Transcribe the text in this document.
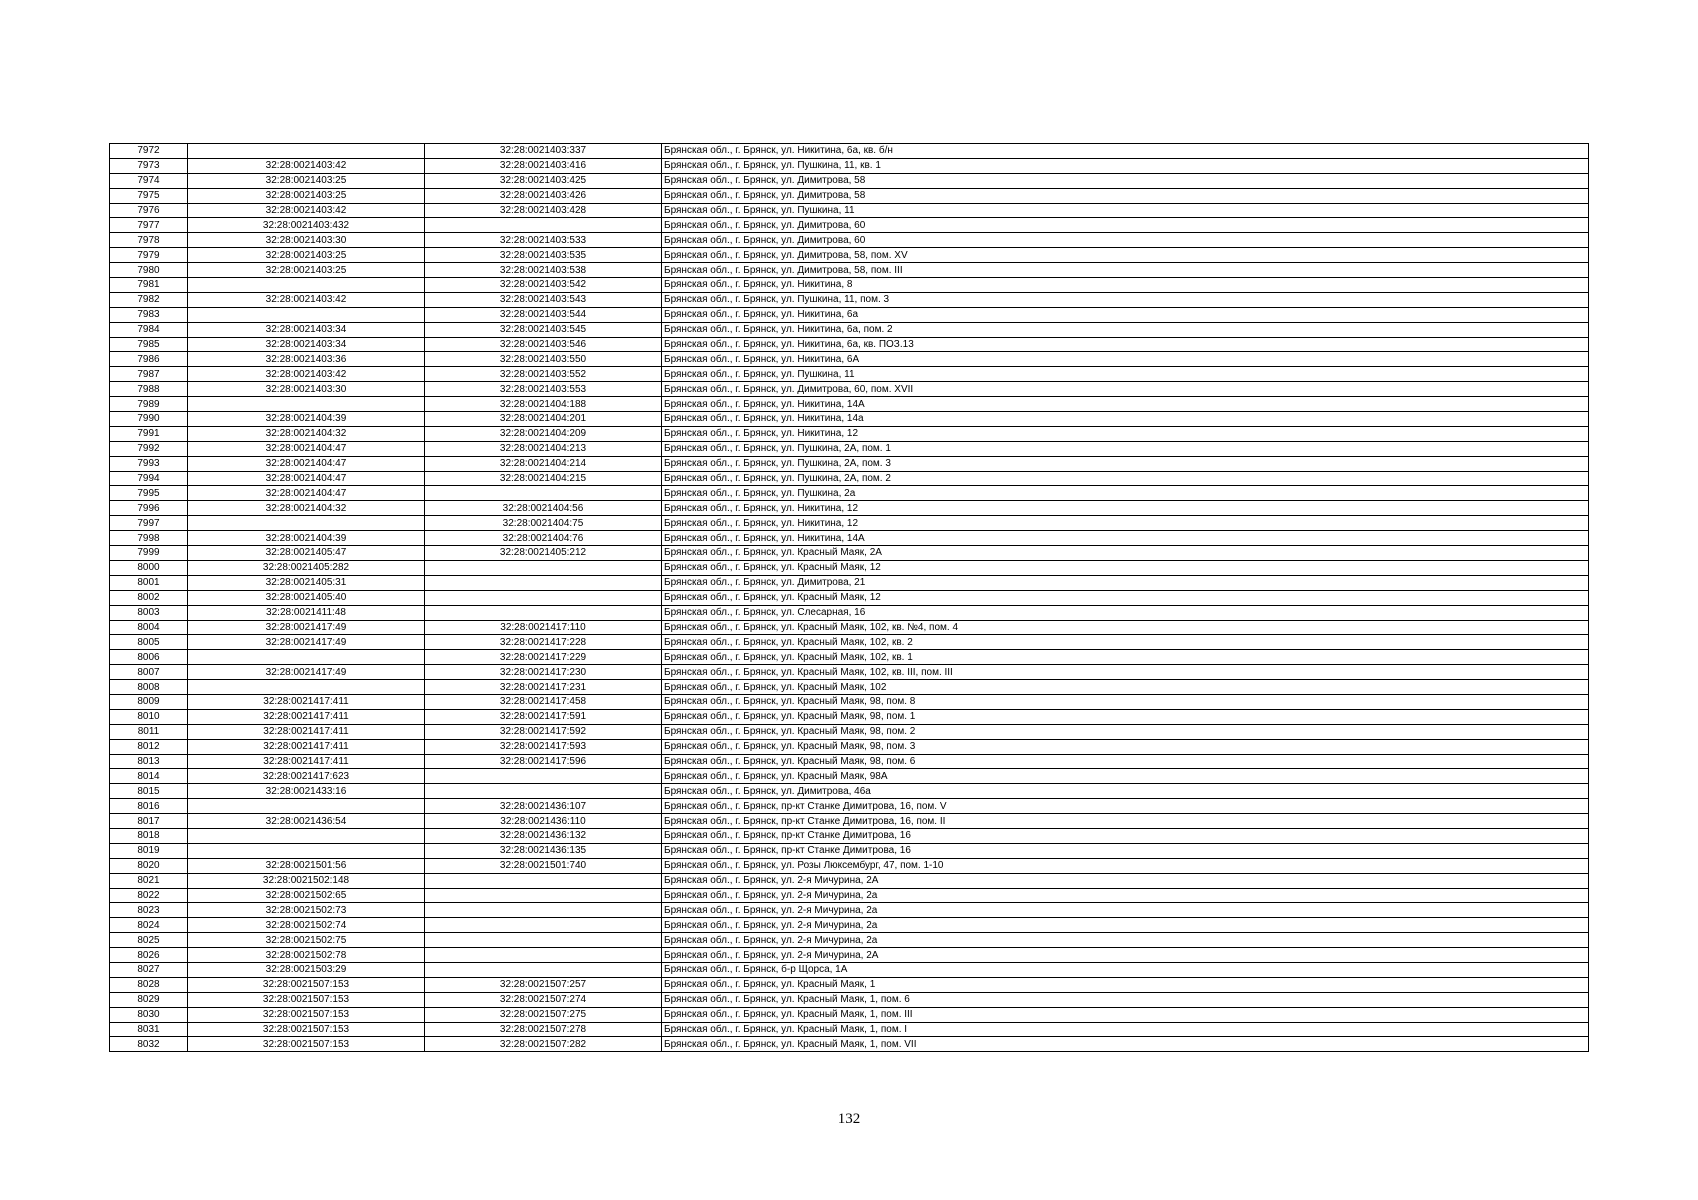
7972		32:28:0021403:337	Брянская обл., г. Брянск, ул. Никитина, 6а, кв. б/н
7973	32:28:0021403:42	32:28:0021403:416	Брянская обл., г. Брянск, ул. Пушкина, 11, кв. 1
7974	32:28:0021403:25	32:28:0021403:425	Брянская обл., г. Брянск, ул. Димитрова, 58
7975	32:28:0021403:25	32:28:0021403:426	Брянская обл., г. Брянск, ул. Димитрова, 58
7976	32:28:0021403:42	32:28:0021403:428	Брянская обл., г. Брянск, ул. Пушкина, 11
7977	32:28:0021403:432		Брянская обл., г. Брянск, ул. Димитрова, 60
7978	32:28:0021403:30	32:28:0021403:533	Брянская обл., г. Брянск, ул. Димитрова, 60
7979	32:28:0021403:25	32:28:0021403:535	Брянская обл., г. Брянск, ул. Димитрова, 58, пом. XV
7980	32:28:0021403:25	32:28:0021403:538	Брянская обл., г. Брянск, ул. Димитрова, 58, пом. III
7981		32:28:0021403:542	Брянская обл., г. Брянск, ул. Никитина, 8
7982	32:28:0021403:42	32:28:0021403:543	Брянская обл., г. Брянск, ул. Пушкина, 11, пом. 3
7983		32:28:0021403:544	Брянская обл., г. Брянск, ул. Никитина, 6а
7984	32:28:0021403:34	32:28:0021403:545	Брянская обл., г. Брянск, ул. Никитина, 6а, пом. 2
7985	32:28:0021403:34	32:28:0021403:546	Брянская обл., г. Брянск, ул. Никитина, 6а, кв. ПОЗ.13
7986	32:28:0021403:36	32:28:0021403:550	Брянская обл., г. Брянск, ул. Никитина, 6А
7987	32:28:0021403:42	32:28:0021403:552	Брянская обл., г. Брянск, ул. Пушкина, 11
7988	32:28:0021403:30	32:28:0021403:553	Брянская обл., г. Брянск, ул. Димитрова, 60, пом. XVII
7989		32:28:0021404:188	Брянская обл., г. Брянск, ул. Никитина, 14А
7990	32:28:0021404:39	32:28:0021404:201	Брянская обл., г. Брянск, ул. Никитина, 14а
7991	32:28:0021404:32	32:28:0021404:209	Брянская обл., г. Брянск, ул. Никитина, 12
7992	32:28:0021404:47	32:28:0021404:213	Брянская обл., г. Брянск, ул. Пушкина, 2А, пом. 1
7993	32:28:0021404:47	32:28:0021404:214	Брянская обл., г. Брянск, ул. Пушкина, 2А, пом. 3
7994	32:28:0021404:47	32:28:0021404:215	Брянская обл., г. Брянск, ул. Пушкина, 2А, пом. 2
7995	32:28:0021404:47		Брянская обл., г. Брянск, ул. Пушкина, 2а
7996	32:28:0021404:32	32:28:0021404:56	Брянская обл., г. Брянск, ул. Никитина, 12
7997		32:28:0021404:75	Брянская обл., г. Брянск, ул. Никитина, 12
7998	32:28:0021404:39	32:28:0021404:76	Брянская обл., г. Брянск, ул. Никитина, 14А
7999	32:28:0021405:47	32:28:0021405:212	Брянская обл., г. Брянск, ул. Красный Маяк, 2А
8000	32:28:0021405:282		Брянская обл., г. Брянск, ул. Красный Маяк, 12
8001	32:28:0021405:31		Брянская обл., г. Брянск, ул. Димитрова, 21
8002	32:28:0021405:40		Брянская обл., г. Брянск, ул. Красный Маяк, 12
8003	32:28:0021411:48		Брянская обл., г. Брянск, ул. Слесарная, 16
8004	32:28:0021417:49	32:28:0021417:110	Брянская обл., г. Брянск, ул. Красный Маяк, 102, кв. №4, пом. 4
8005	32:28:0021417:49	32:28:0021417:228	Брянская обл., г. Брянск, ул. Красный Маяк, 102, кв. 2
8006		32:28:0021417:229	Брянская обл., г. Брянск, ул. Красный Маяк, 102, кв. 1
8007	32:28:0021417:49	32:28:0021417:230	Брянская обл., г. Брянск, ул. Красный Маяк, 102, кв. III, пом. III
8008		32:28:0021417:231	Брянская обл., г. Брянск, ул. Красный Маяк, 102
8009	32:28:0021417:411	32:28:0021417:458	Брянская обл., г. Брянск, ул. Красный Маяк, 98, пом. 8
8010	32:28:0021417:411	32:28:0021417:591	Брянская обл., г. Брянск, ул. Красный Маяк, 98, пом. 1
8011	32:28:0021417:411	32:28:0021417:592	Брянская обл., г. Брянск, ул. Красный Маяк, 98, пом. 2
8012	32:28:0021417:411	32:28:0021417:593	Брянская обл., г. Брянск, ул. Красный Маяк, 98, пом. 3
8013	32:28:0021417:411	32:28:0021417:596	Брянская обл., г. Брянск, ул. Красный Маяк, 98, пом. 6
8014	32:28:0021417:623		Брянская обл., г. Брянск, ул. Красный Маяк, 98А
8015	32:28:0021433:16		Брянская обл., г. Брянск, ул. Димитрова, 46а
8016		32:28:0021436:107	Брянская обл., г. Брянск, пр-кт Станке Димитрова, 16, пом. V
8017	32:28:0021436:54	32:28:0021436:110	Брянская обл., г. Брянск, пр-кт Станке Димитрова, 16, пом. II
8018		32:28:0021436:132	Брянская обл., г. Брянск, пр-кт Станке Димитрова, 16
8019		32:28:0021436:135	Брянская обл., г. Брянск, пр-кт Станке Димитрова, 16
8020	32:28:0021501:56	32:28:0021501:740	Брянская обл., г. Брянск, ул. Розы Люксембург, 47, пом. 1-10
8021	32:28:0021502:148		Брянская обл., г. Брянск, ул. 2-я Мичурина, 2А
8022	32:28:0021502:65		Брянская обл., г. Брянск, ул. 2-я Мичурина, 2а
8023	32:28:0021502:73		Брянская обл., г. Брянск, ул. 2-я Мичурина, 2а
8024	32:28:0021502:74		Брянская обл., г. Брянск, ул. 2-я Мичурина, 2а
8025	32:28:0021502:75		Брянская обл., г. Брянск, ул. 2-я Мичурина, 2а
8026	32:28:0021502:78		Брянская обл., г. Брянск, ул. 2-я Мичурина, 2А
8027	32:28:0021503:29		Брянская обл., г. Брянск, б-р Щорса, 1А
8028	32:28:0021507:153	32:28:0021507:257	Брянская обл., г. Брянск, ул. Красный Маяк, 1
8029	32:28:0021507:153	32:28:0021507:274	Брянская обл., г. Брянск, ул. Красный Маяк, 1, пом. 6
8030	32:28:0021507:153	32:28:0021507:275	Брянская обл., г. Брянск, ул. Красный Маяк, 1, пом. III
8031	32:28:0021507:153	32:28:0021507:278	Брянская обл., г. Брянск, ул. Красный Маяк, 1, пом. I
8032	32:28:0021507:153	32:28:0021507:282	Брянская обл., г. Брянск, ул. Красный Маяк, 1, пом. VII
132
